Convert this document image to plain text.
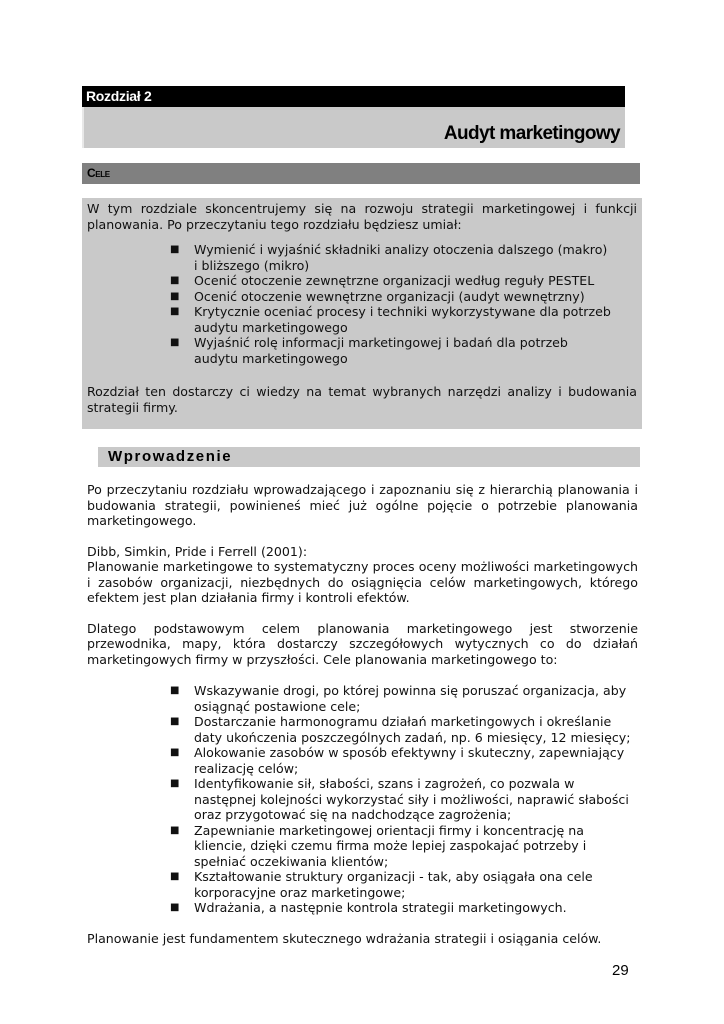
Rozdział 2
Audyt marketingowy
Cele

W tym rozdziale skoncentrujemy się na rozwoju strategii marketingowej i funkcji planowania. Po przeczytaniu tego rozdziału będziesz umiał:

■ Wymienić i wyjaśnić składniki analizy otoczenia dalszego (makro) i bliższego (mikro)
■ Ocenić otoczenie zewnętrzne organizacji według reguły PESTEL
■ Ocenić otoczenie wewnętrzne organizacji (audyt wewnętrzny)
■ Krytycznie oceniać procesy i techniki wykorzystywane dla potrzeb audytu marketingowego
■ Wyjaśnić rolę informacji marketingowej i badań dla potrzeb audytu marketingowego

Rozdział ten dostarczy ci wiedzy na temat wybranych narzędzi analizy i budowania strategii firmy.

Wprowadzenie

Po przeczytaniu rozdziału wprowadzającego i zapoznaniu się z hierarchią planowania i budowania strategii, powinieneś mieć już ogólne pojęcie o potrzebie planowania marketingowego.

Dibb, Simkin, Pride i Ferrell (2001):

Planowanie marketingowe to systematyczny proces oceny możliwości marketingowych i zasobów organizacji, niezbędnych do osiągnięcia celów marketingowych, którego efektem jest plan działania firmy i kontroli efektów.

Dlatego podstawowym celem planowania marketingowego jest stworzenie przewodnika, mapy, która dostarczy szczegółowych wytycznych co do działań marketingowych firmy w przyszłości. Cele planowania marketingowego to:

■ Wskazywanie drogi, po której powinna się poruszać organizacja, aby osiągnąć postawione cele;
■ Dostarczanie harmonogramu działań marketingowych i określanie daty ukończenia poszczególnych zadań, np. 6 miesięcy, 12 miesięcy;
■ Alokowanie zasobów w sposób efektywny i skuteczny, zapewniający realizację celów;
■ Identyfikowanie sił, słabości, szans i zagrożeń, co pozwala w następnej kolejności wykorzystać siły i możliwości, naprawić słabości oraz przygotować się na nadchodzące zagrożenia;
■ Zapewnianie marketingowej orientacji firmy i koncentrację na kliencie, dzięki czemu firma może lepiej zaspokajać potrzeby i spełniać oczekiwania klientów;
■ Kształtowanie struktury organizacji - tak, aby osiągała ona cele korporacyjne oraz marketingowe;
■ Wdrażania, a następnie kontrola strategii marketingowych.

Planowanie jest fundamentem skutecznego wdrażania strategii i osiągania celów.

29
